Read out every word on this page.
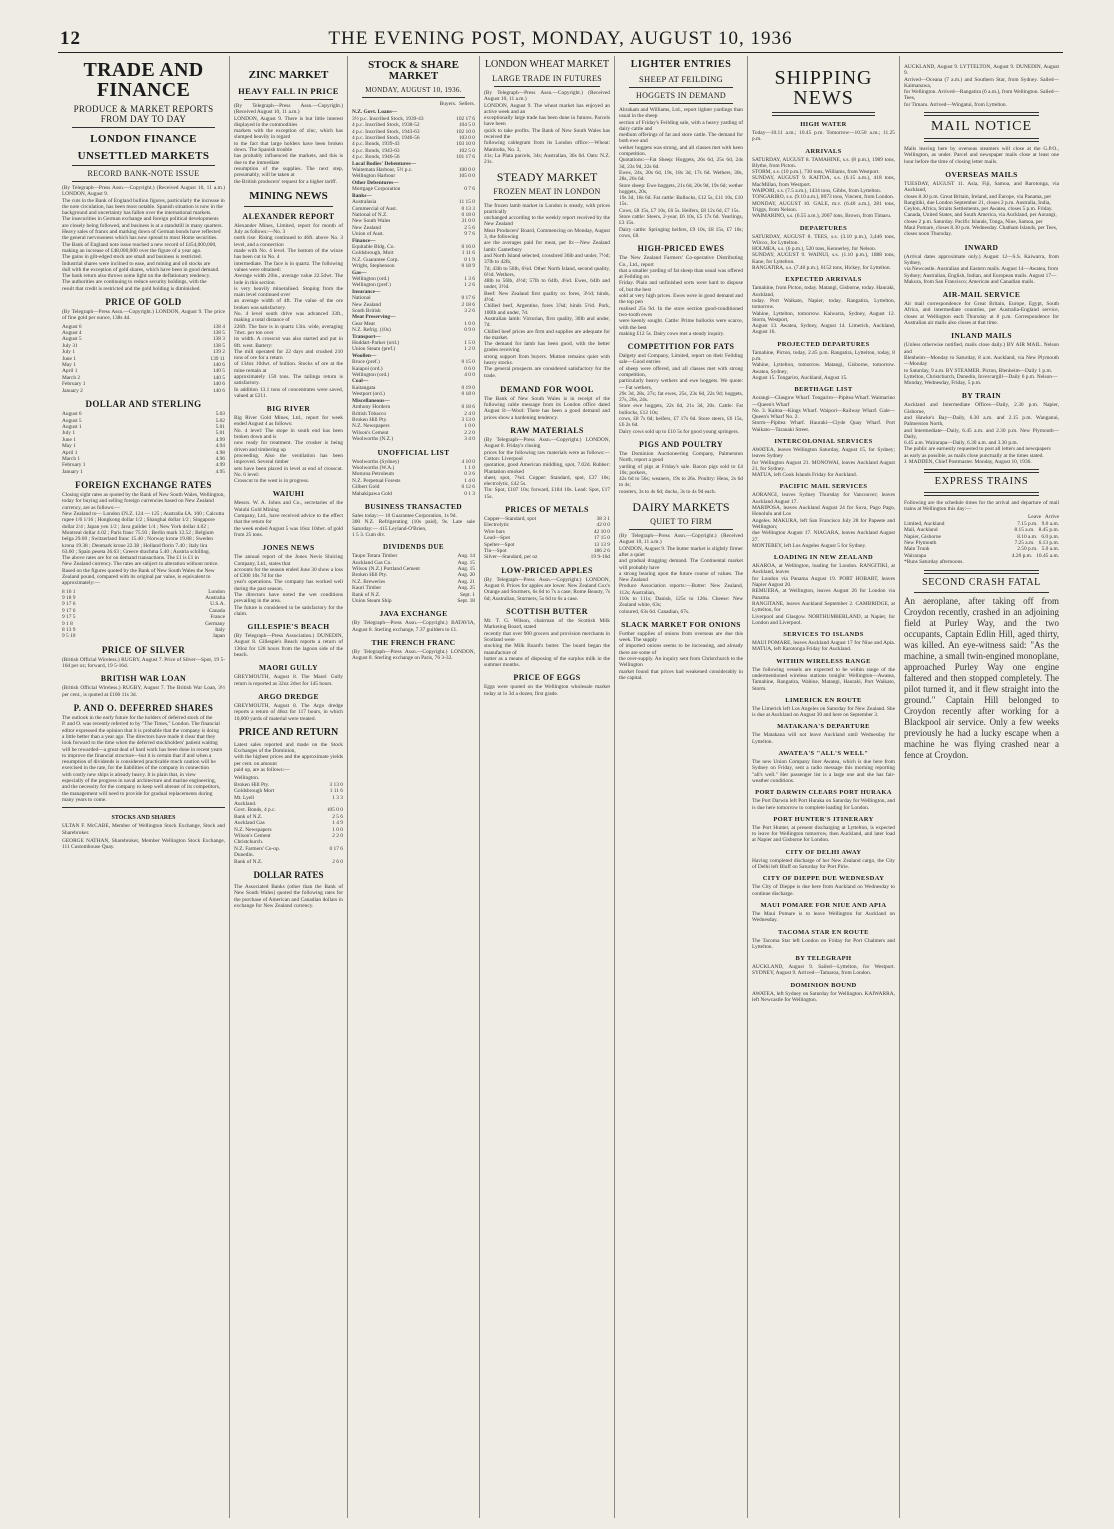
12	THE EVENING POST, MONDAY, AUGUST 10, 1936
TRADE AND FINANCE
PRODUCE & MARKET REPORTS FROM DAY TO DAY
LONDON FINANCE
UNSETTLED MARKETS
RECORD BANK-NOTE ISSUE

(By Telegraph—Press Assn.—Copyright.) (Received August 10, 11 a.m.) LONDON, August 9.

The cuts in the Bank of England bullion figures, particularly the increase in
the note circulation, has been most notable. Spanish situation is now in the
background and uncertainty has fallen over the international markets.
The insecurities in German exchange and foreign political developments
are closely being followed, and business is at a standstill in many quarters.
Heavy sales of francs and marking down of German bonds have reflected
the general nervousness which has now spread to most Home securities.
The Bank of England note issue reached a new record of £454,000,000,
making an increase of £48,000,000 over the figure of a year ago.
The gains in gilt-edged stock are small and business is restricted.
Industrial shares were inclined to ease, and mining and oil stocks are
dull with the exception of gold shares, which have been in good demand.
The bank return also throws some light on the deflationary tendency.
The authorities are continuing to reduce security holdings, with the
result that credit is restricted and the gold holding is diminished.

PRICE OF GOLD

(By Telegraph—Press Assn.—Copyright.) LONDON, August 9. The price of fine gold per ounce, 138s 4d.

August 6	138 4
August 4	138 5
August 5	138 3
July 31	138 5
July 1	139 2
June 1	139 11
May 1	140 6
April 1	140 5
March 2	140 5
February 1	140 6
January 2	140 6
DOLLAR AND STERLING
August 6	5.03
August 5	5.02
August 1	5.01
July 1	5.01
June 1	4.99
May 1	4.94
April 1	4.98
March 1	4.96
February 1	4.99
January 1	4.95
FOREIGN EXCHANGE RATES

Closing sight rates as quoted by the Bank of New South Wales, Wellington,
today for buying and selling foreign currencies based on New Zealand
currency, are as follows:—
New Zealand to— London £N.Z. 124 — 125 ; Australia £A. 100 ; Calcutta
rupee 1/6 1/16 ; Hongkong dollar 1/2 ; Shanghai dollar 1/2 ; Singapore
dollar 2/4 ; Japan yen 1/2 ; Java guilder 1/4 ; New York dollar 4.02 ;
Montreal dollar 4.02 ; Paris franc 75.93 ; Berlin mark 12.52 ; Belgium
belga 29.60 ; Switzerland franc 15.40 ; Norway krone 19.88 ; Sweden
krona 19.38 ; Denmark krone 22.38 ; Holland florin 7.40 ; Italy lira
63.60 ; Spain peseta 36.63 ; Greece drachma 5.40 ; Austria schilling.
The above rates are for on demand transactions. The £1 is £1 in
New Zealand currency. The rates are subject to alteration without notice.
Based on the figures quoted by the Bank of New South Wales the New
Zealand pound, compared with its original par value, is equivalent to
approximately:—

8 16 1	London
9 18 9	Australia
9 17 6	U.S.A.
9 17 6	Canada
9 17 5	France
9 1 8	Germany
8 13 9	Italy
9 5 10	Japan
PRICE OF SILVER

(British Official Wireless.) RUGBY, August 7. Price of Silver—Spot, 19 5-16d per oz; forward, 19 5-16d.

BRITISH WAR LOAN

(British Official Wireless.) RUGBY, August 7. The British War Loan, 3½ per cent., is quoted at £106 11s 3d.

P. AND O. DEFERRED SHARES

The outlook in the early future for the holders of deferred stock of the
P. and O. was recently referred to by "The Times," London. The financial
editor expressed the opinion that it is probable that the company is doing
a little better than a year ago. The directors have made it clear that they
look forward to the time when the deferred stockholders' patient waiting
will be rewarded—a great deal of hard work has been done in recent years
to improve the financial structure—but it is certain that if and when a
resumption of dividends is considered practicable much caution will be
exercised in the rate, for the liabilities of the company in connection
with costly new ships is already heavy. It is plain that, in view
especially of the progress in naval architecture and marine engineering,
and the necessity for the company to keep well abreast of its competitors,
the management will need to provide for gradual replacements during
many years to come.

STOCKS AND SHARES

ULTAN F. McCABE, Member of Wellington Stock Exchange, Stock and Sharebroker.

GEORGE NATHAN, Sharebroker, Member Wellington Stock Exchange, 111 Customhouse Quay.

ZINC MARKET
HEAVY FALL IN PRICE

(By Telegraph—Press Assn.—Copyright.) (Received August 10, 11 a.m.)
LONDON, August 9. There is but little interest displayed in the commodities
markets with the exception of zinc, which has slumped heavily in regard
to the fact that large holders have been broken down. The Spanish trouble
has probably influenced the markets, and this is due to the immediate
resumption of the supplies. The next step, presumably, will be taken at
the British producers' request for a higher tariff.

MINING NEWS
ALEXANDER REPORT

Alexander Mines, Limited, report for month of July as follows:—No. 3
north rise: Rising continued to 46ft. above No. 3 level, and a connection
made with No. 4 level. The bottom of the winze has been cut in No. 4
intermediate. The face is in quartz. The following values were obtained:
Average width 20in., average value 22.5dwt. The lode in this section
is very heavily mineralised. Stoping from the main level continued over
an average width of 4ft. The value of the ore broken was satisfactory.
No. 4 level south drive was advanced 33ft., making a total distance of
226ft. The face is in quartz 13in. wide, averaging 7dwt. per ton over
its width. A crosscut was also started and put in 8ft. west. Battery:
The mill operated for 22 days and crushed 210 tons of ore for a return
of 134oz 10dwt. of bullion. Stocks of ore at the mine remain at
approximately 150 tons. The tailings return is satisfactory.
In addition 13.1 tons of concentrates were saved, valued at £211.

BIG RIVER

Big River Gold Mines, Ltd., report for week ended August 4 as follows:
No. 4 level: The stope in south end has been broken down and is
now ready for treatment. The crusher is being driven and timbering up
proceeding. Also the ventilation has been improved. Several timber
sets have been placed in level at end of crosscut. No. 6 level:
Crosscut to the west is in progress.

WAIUHI

Messrs. W. A. Johns and Co., secretaries of the Waiuhi Gold Mining
Company, Ltd., have received advice to the effect that the return for
the week ended August 5 was 16oz 10dwt. of gold from 25 tons.

JONES NEWS

The annual report of the Jones Nevis Sluicing Company, Ltd., states that
accounts for the season ended June 30 show a loss of £300 10s 7d for the
year's operations. The company has worked well during the past season.
The directors have noted the wet conditions prevailing in the area.
The future is considered to be satisfactory for the claim.

GILLESPIE'S BEACH

(By Telegraph—Press Association.) DUNEDIN, August 8. Gillespie's Beach reports a return of 130oz for 128 hours from the lagoon side of the beach.

MAORI GULLY

GREYMOUTH, August 8. The Maori Gully return is reported as 32oz 2dwt for 145 hours.

ARGO DREDGE

GREYMOUTH, August 8. The Argo dredge reports a return of 48oz for 117 hours, in which 10,000 yards of material were treated.

PRICE AND RETURN

Latest sales reported and made on the Stock Exchanges of the Dominion,
with the highest prices and the approximate yields per cent. on amount
paid up, are as follows:—

Wellington.
Broken Hill Pty.	3 13 0
Goldsbrough Mort	1 11 6
Mt. Lyell	1 3 3
Auckland.
Govt. Bonds, 4 p.c.	105 0 0
Bank of N.Z.	2 5 6
Auckland Gas	1 4 9
N.Z. Newspapers	1 0 0
Wilson's Cement	2 2 0
Christchurch.
N.Z. Farmers' Co-op.	0 17 6
Dunedin.
Bank of N.Z.	2 6 0
DOLLAR RATES

The Associated Banks (other than the Bank of New South Wales) quoted the following rates for the purchase of American and Canadian dollars in exchange for New Zealand currency.

STOCK & SHARE MARKET
MONDAY, AUGUST 10, 1936.
Buyers. Sellers.
N.Z. Govt. Loans—
3½ p.c. Inscribed Stock, 1939-43	102 17 6
4 p.c. Inscribed Stock, 1938-52	104 5 0
4 p.c. Inscribed Stock, 1943-63	102 10 0
4 p.c. Inscribed Stock, 1946-56	103 0 0
4 p.c. Bonds, 1939-43	103 10 0
4 p.c. Bonds, 1943-63	102 5 0
4 p.c. Bonds, 1946-56	101 17 6
Local Bodies' Debentures—
Waitemata Harbour, 5½ p.c.	100 0 0
Wellington Harbour	105 0 0
Other Debentures—
Mortgage Corporation	0 7 6
Banks—
Australasia	11 15 0
Commercial of Aust.	0 13 3
National of N.Z.	0 18 0
New South Wales	31 0 0
New Zealand	2 5 6
Union of Aust.	9 7 6
Finance—
Equitable Bldg. Co.	0 16 0
Goldsbrough, Mort	1 11 6
N.Z. Guarantee Corp.	0 1 9
Wright, Stephenson	0 18 9
Gas—
Wellington (ord.)	1 3 6
Wellington (pref.)	1 2 6
Insurance—
National	0 17 6
New Zealand	2 18 6
South British	3 2 6
Meat Preserving—
Gear Meat	1 0 0
N.Z. Refrig. (10s)	0 9 0
Transport—
Huddart-Parker (ord.)	1 5 0
Union Steam (pref.)	1 2 0
Woollen—
Bruce (pref.)	0 15 0
Kaiapoi (ord.)	0 6 0
Wellington (ord.)	4 0 0
Coal—
Kaitangata	0 19 0
Westport (ord.)	0 18 0
Miscellaneous—
Anthony Hordern	0 18 6
British Tobacco	2 4 0
Broken Hill Pty.	3 13 0
N.Z. Newspapers	1 0 0
Wilson's Cement	2 2 0
Woolworths (N.Z.)	3 4 0
UNOFFICIAL LIST
Woolworths (Sydney)	4 10 0
Woolworths (W.A.)	1 1 0
Moturoa Petroleum	0 3 6
N.Z. Perpetual Forests	1 4 0
Gilbert Gold	0 12 6
Mahakipawa Gold	0 1 3
BUSINESS TRANSACTED

Sales today:— 10 Guarantee Corporation, 1s 9d.
300 N.Z. Refrigerating (10s paid), 9s. Late sale Saturday:— 415 Leyland-O'Brien,
1 5 3. Cum div.

DIVIDENDS DUE
Taupo Totara Timber	Aug. 14
Auckland Gas Co.	Aug. 15
Wilson (N.Z.) Portland Cement	Aug. 15
Broken Hill Pty.	Aug. 20
N.Z. Breweries	Aug. 21
Kauri Timber	Aug. 25
Bank of N.Z.	Sept. 1
Union Steam Ship	Sept. 18
JAVA EXCHANGE

(By Telegraph—Press Assn.—Copyright.) BATAVIA, August 8. Sterling exchange, 7.37 guilders to £1.

THE FRENCH FRANC

(By Telegraph—Press Assn.—Copyright.) LONDON, August 8. Sterling exchange on Paris, 76 3-32.

LONDON WHEAT MARKET
LARGE TRADE IN FUTURES

(By Telegraph—Press Assn.—Copyright.) (Received August 10, 11 a.m.)
LONDON, August 9. The wheat market has enjoyed an active week and an
exceptionally large trade has been done in futures. Parcels have been
quick to take profits. The Bank of New South Wales has received the
following cablegram from its London office:—Wheat: Manitoba, No. 3,
41s; La Plata parcels, 34s; Australian, 36s 6d. Oats: N.Z. 21s.

STEADY MARKET
FROZEN MEAT IN LONDON

The frozen lamb market in London is steady, with prices practically
unchanged according to the weekly report received by the New Zealand
Meat Producers' Board, Commencing on Monday, August 3, the following
are the averages paid for meat, per lb:—New Zealand lamb: Canterbury
and North Island selected, crossbred 36lb and under, 7½d; 37lb to 42lb,
7d; 43lb to 50lb, 6¼d. Other North Island, second quality, 6½d. Wethers,
48lb to 56lb, 4½d; 57lb to 64lb, 4¼d. Ewes, 64lb and under, 3½d.
Beef: New Zealand first quality ox fores, 3½d; hinds, 4½d.
Chilled beef, Argentine, fores 3⅞d; hinds 5½d. Pork, 100lb and under, 7d.
Australian lamb: Victorian, first quality, 30lb and under, 7d.
Chilled beef prices are firm and supplies are adequate for the market.
The demand for lamb has been good, with the better grades receiving
strong support from buyers. Mutton remains quiet with heavy stocks.
The general prospects are considered satisfactory for the trade.

DEMAND FOR WOOL

The Bank of New South Wales is in receipt of the following cable message from its London office dated August 8:—Wool: There has been a good demand and prices show a hardening tendency.

RAW MATERIALS

(By Telegraph—Press Assn.—Copyright.) LONDON, August 8. Friday's closing
prices for the following raw materials were as follows:— Cotton: Liverpool
quotation, good American middling, spot, 7.02d. Rubber: Plantation smoked
sheet, spot, 7¾d. Copper: Standard, spot, £37 10s; electrolytic, £42 5s.
Tin: Spot, £187 10s; forward, £184 10s. Lead: Spot, £17 15s.

PRICES OF METALS
Copper—Standard, spot	38 3 1
Electrolytic	42 0 0
Wire bars	42 10 0
Lead—Spot	17 15 0
Spelter—Spot	13 13 9
Tin—Spot	186 2 6
Silver—Standard, per oz	19 9-16d
LOW-PRICED APPLES

(By Telegraph—Press Assn.—Copyright.) LONDON, August 8. Prices for apples are lower. New Zealand Cox's Orange and Sturmers, 6s 6d to 7s a case; Rome Beauty, 7s 6d; Australian, Sturmers, 5s 6d to 6s a case.

SCOTTISH BUTTER

Mr. T. G. Wilson, chairman of the Scottish Milk Marketing Board, stated
recently that over 900 grocers and provision merchants in Scotland were
stocking the Milk Board's butter. The board began the manufacture of
butter as a means of disposing of the surplus milk in the summer months.

PRICE OF EGGS

Eggs were quoted on the Wellington wholesale market today at 1s 3d a dozen, first grade.

LIGHTER ENTRIES
SHEEP AT FEILDING
HOGGETS IN DEMAND

Abraham and Williams, Ltd., report lighter yardings than usual in the sheep
section of Friday's Feilding sale, with a heavy yarding of dairy cattle and
medium offerings of fat and store cattle. The demand for both ewe and
wether hoggets was strong, and all classes met with keen competition.
Quotations:—Fat Sheep: Hoggets, 26s 6d, 25s 6d, 24s 3d, 23s 9d, 22s 6d.
Ewes, 24s, 20s 6d, 19s, 18s 3d, 17s 6d. Wethers, 30s, 28s, 26s 6d.
Store sheep: Ewe hoggets, 21s 6d, 20s 9d, 19s 6d; wether hoggets, 20s,
19s 3d, 18s 6d. Fat cattle: Bullocks, £12 5s, £11 10s, £10 15s.
Cows, £8 15s, £7 10s, £6 5s. Heifers, £8 12s 6d, £7 15s.
Store cattle: Steers, 2-year, £6 10s, £5 17s 6d. Yearlings, £3 15s.
Dairy cattle: Springing heifers, £9 10s, £8 15s, £7 10s; cows, £8.

HIGH-PRICED EWES

The New Zealand Farmers' Co-operative Distributing Co., Ltd., report
that a smaller yarding of fat sheep than usual was offered at Feilding on
Friday. Plain and unfinished sorts were hard to dispose of, but the best
sold at very high prices. Ewes were in good demand and the top pen
realised 25s 9d. In the store section good-conditioned two-tooth ewes
were keenly sought. Cattle: Prime bullocks were scarce, with the best
making £12 5s. Dairy cows met a steady inquiry.

COMPETITION FOR FATS

Dalgety and Company, Limited, report on their Feilding sale—Good entries
of sheep were offered, and all classes met with strong competition,
particularly heavy wethers and ewe hoggets. We quote:— Fat wethers,
29s 3d, 28s, 27s; fat ewes, 25s, 23s 6d, 22s 9d; hoggets, 27s, 26s, 24s.
Store ewe hoggets, 22s 6d, 21s 3d, 20s. Cattle: Fat bullocks, £12 10s;
cows, £8 7s 6d; heifers, £7 17s 6d. Store steers, £6 15s, £6 2s 6d.
Dairy cows sold up to £10 5s for good young springers.

PIGS AND POULTRY

The Dominion Auctioneering Company, Palmerston North, report a good
yarding of pigs at Friday's sale. Bacon pigs sold to £4 10s; porkers,
42s 6d to 56s; weaners, 19s to 26s. Poultry: Hens, 2s 6d to 4s;
roosters, 3s to 4s 6d; ducks, 3s to 4s 9d each.

DAIRY MARKETS
QUIET TO FIRM

(By Telegraph—Press Assn.—Copyright.) (Received August 10, 11 a.m.)
LONDON, August 9. The butter market is slightly firmer after a quiet
and gradual dragging demand. The Continental market will probably have
a strong bearing upon the future course of values. The New Zealand
Produce Association reports:—Butter: New Zealand, 112s; Australian,
110s to 111s; Danish, 125s to 126s. Cheese: New Zealand white, 63s;
coloured, 63s 6d. Canadian, 67s.

SLACK MARKET FOR ONIONS

Further supplies of onions from overseas are due this week. The supply
of imported onions seems to be increasing, and already there are some of
the over-supply. An inquiry sent from Christchurch to the Wellington
market found that prices had weakened considerably in the capital.

SHIPPING NEWS
HIGH WATER

Today—10.11 a.m.; 10.45 p.m. Tomorrow—10.50 a.m.; 11.25 p.m.

ARRIVALS

SATURDAY, AUGUST 8. TAMAHINE, s.s. (8 p.m.), 1989 tons, Blythe, from Picton.
STORM, s.s. (10 p.m.), 730 tons, Williams, from Westport.
SUNDAY, AUGUST 9. KAITOA, s.s. (6.15 a.m.), 418 tons, MacMillan, from Westport.
WAIPORI, s.s. (7.5 a.m.), 1434 tons, Gibbs, from Lyttelton.
TONGARIRO, s.s. (9.10 a.m.), 8073 tons, Vincent, from London.
MONDAY, AUGUST 10. GALE, m.v. (6.40 a.m.), 281 tons, Triggs, from Nelson.
WAIMARINO, s.s. (6.55 a.m.), 2067 tons, Brown, from Timaru.

DEPARTURES

SATURDAY, AUGUST 8. TEES, s.s. (3.10 p.m.), 3,446 tons, Wilcox, for Lyttelton.
HOLMEA, s.s. (6 p.m.), 520 tons, Kennerley, for Nelson.
SUNDAY, AUGUST 9. WAINUI, s.s. (1.10 p.m.), 1888 tons, Kane, for Lyttelton.
RANGATIRA, s.s. (7.40 p.m.), 6152 tons, Hickey, for Lyttelton.

EXPECTED ARRIVALS

Tamahine, from Picton, today. Matangi, Gisborne, today. Hauraki, Auckland,
today. Port Waikato, Napier, today. Rangatira, Lyttelton, tomorrow.
Wahine, Lyttelton, tomorrow. Kaiwarra, Sydney, August 12. Storm, Westport,
August 13. Awatea, Sydney, August 14. Limerick, Auckland, August 16.

PROJECTED DEPARTURES

Tamahine, Picton, today, 2.45 p.m. Rangatira, Lyttelton, today, 8 p.m.
Wahine, Lyttelton, tomorrow. Matangi, Gisborne, tomorrow. Awatea, Sydney,
August 15. Tongariro, Auckland, August 15.

BERTHAGE LIST

Aorangi—Glasgow Wharf. Tongariro—Pipitea Wharf. Waimarino—Queen's Wharf
No. 3. Kaitoa—Kings Wharf. Waipori—Railway Wharf. Gale—Queen's Wharf No. 2.
Storm—Pipitea Wharf. Hauraki—Clyde Quay Wharf. Port Waikato—Taranaki Street.

INTERCOLONIAL SERVICES

AWATEA, leaves Wellington Saturday, August 15, for Sydney; leaves Sydney
for Wellington August 21. MONOWAI, leaves Auckland August 21, for Sydney.
MATUA, left Cook Islands Friday for Auckland.

PACIFIC MAIL SERVICES

AORANGI, leaves Sydney Thursday for Vancouver; leaves Auckland August 17.
MARIPOSA, leaves Auckland August 24 for Suva, Pago Pago, Honolulu and Los
Angeles. MAKURA, left San Francisco July 28 for Papeete and Wellington;
due Wellington August 17. NIAGARA, leaves Auckland August 27.
MONTEREY, left Los Angeles August 5 for Sydney.

LOADING IN NEW ZEALAND

AKAROA, at Wellington, loading for London. RANGITIKI, at Auckland, leaves
for London via Panama August 19. PORT HOBART, leaves Napier August 20.
REMUERA, at Wellington, leaves August 26 for London via Panama.
RANGITANE, leaves Auckland September 2. CAMBRIDGE, at Lyttelton, for
Liverpool and Glasgow. NORTHUMBERLAND, at Napier, for London and Liverpool.

SERVICES TO ISLANDS

MAUI POMARE, leaves Auckland August 17 for Niue and Apia. MATUA, left Rarotonga Friday for Auckland.

WITHIN WIRELESS RANGE

The following vessels are expected to be within range of the undermentioned wireless stations tonight: Wellington—Awatea, Tamahine, Rangatira, Wahine, Matangi, Hauraki, Port Waikato, Storm.

LIMERICK EN ROUTE

The Limerick left Los Angeles on Saturday for New Zealand. She is due at Auckland on August 30 and here on September 3.

MATAKANA'S DEPARTURE

The Matakana will not leave Auckland until Wednesday for Lyttelton.

AWATEA'S "ALL'S WELL"

The new Union Company liner Awatea, which is due here from Sydney on Friday, sent a radio message this morning reporting "all's well." Her passenger list is a large one and she has fair-weather conditions.

PORT DARWIN CLEARS PORT HURAKA

The Port Darwin left Port Huraka on Saturday for Wellington, and is due here tomorrow to complete loading for London.

PORT HUNTER'S ITINERARY

The Port Hunter, at present discharging at Lyttelton, is expected to leave for Wellington tomorrow, then Auckland, and later load at Napier and Gisborne for London.

CITY OF DELHI AWAY

Having completed discharge of her New Zealand cargo, the City of Delhi left Bluff on Saturday for Port Pirie.

CITY OF DIEPPE DUE WEDNESDAY

The City of Dieppe is due here from Auckland on Wednesday to continue discharge.

MAUI POMARE FOR NIUE AND APIA

The Maui Pomare is to leave Wellington for Auckland on Wednesday.

TACOMA STAR EN ROUTE

The Tacoma Star left London on Friday for Port Chalmers and Lyttelton.

BY TELEGRAPH

AUCKLAND, August 9. Sailed—Lyttelton, for Westport. SYDNEY, August 9. Arrived—Tamaroa, from London.

DOMINION BOUND

AWATEA, left Sydney on Saturday for Wellington. KAIWARRA, left Newcastle for Wellington.

AUCKLAND, August 9. LYTTELTON, August 9. DUNEDIN, August 9.

Arrived—Oceana (7 a.m.) and Southern Star, from Sydney. Sailed—Kaimanawa,
for Wellington. Arrived—Rangatira (6 a.m.), from Wellington. Sailed—Tees,
for Timaru. Arrived—Wingatui, from Lyttelton.

MAIL NOTICE

Mails leaving here by overseas steamers will close at the G.P.O., Wellington, as under. Parcel and newspaper mails close at least one hour before the time of closing letter mails.

OVERSEAS MAILS

TUESDAY, AUGUST 11. Asia, Fiji, Samoa, and Rarotonga, via Auckland,
closes 8.30 p.m. Great Britain, Ireland, and Europe, via Panama, per
Rangitiki, due London September 21, closes 2 p.m. Australia, India,
Ceylon, Africa, Straits Settlements, per Awatea, closes 5 p.m. Friday.
Canada, United States, and South America, via Auckland, per Aorangi,
closes 2 p.m. Saturday. Pacific Islands, Tonga, Niue, Samoa, per
Maui Pomare, closes 8.30 p.m. Wednesday. Chatham Islands, per Tees,
closes noon Thursday.

INWARD

(Arrival dates approximate only.) August 12—S.S. Kaiwarra, from Sydney,
via Newcastle. Australian and Eastern mails. August 14—Awatea, from
Sydney; Australian, English, Indian, and European mails. August 17—
Makura, from San Francisco; American and Canadian mails.

AIR-MAIL SERVICE

Air mail correspondence for Great Britain, Europe, Egypt, South Africa, and intermediate countries, per Australia-England service, closes at Wellington each Thursday at 8 p.m. Correspondence for Australian air mails also closes at that time.

INLAND MAILS

(Unless otherwise notified, mails close daily.) BY AIR MAIL. Nelson and
Blenheim—Monday to Saturday, 8 a.m. Auckland, via New Plymouth—Monday
to Saturday, 9 a.m. BY STEAMER. Picton, Blenheim—Daily 1 p.m.
Lyttelton, Christchurch, Dunedin, Invercargill—Daily 6 p.m. Nelson—
Monday, Wednesday, Friday, 5 p.m.

BY TRAIN

Auckland and Intermediate Offices—Daily, 2.30 p.m. Napier, Gisborne,
and Hawke's Bay—Daily, 6.30 a.m. and 2.15 p.m. Wanganui, Palmerston North,
and Intermediate—Daily, 6.45 a.m. and 2.30 p.m. New Plymouth—Daily,
6.45 a.m. Wairarapa—Daily, 6.30 a.m. and 3.30 p.m.
The public are earnestly requested to post all letters and newspapers
as early as possible, as mails close punctually at the times stated.
J. MADDEN, Chief Postmaster. Monday, August 10, 1936.

EXPRESS TRAINS

Following are the schedule times for the arrival and departure of mail trains at Wellington this day:—

Leave   Arrive
Limited, Auckland	7.15 p.m.   9.0 a.m.
Mail, Auckland	8.15 a.m.   8.45 p.m.
Napier, Gisborne	8.10 a.m.   6.0 p.m.
New Plymouth	7.25 a.m.   6.13 p.m.
Main Trunk	2.50 p.m.   5.0 a.m.
Wairarapa	4.20 p.m.   10.45 a.m.
*Runs Saturday afternoons.
SECOND CRASH FATAL

An aeroplane, after taking off from Croydon recently, crashed in an adjoining field at Purley Way, and the two occupants, Captain Edlin Hill, aged thirty, was killed. An eye-witness said: "As the machine, a small twin-engined monoplane, approached Purley Way one engine faltered and then stopped completely. The pilot turned it, and it flew straight into the ground." Captain Hill belonged to Croydon recently after working for a Blackpool air service. Only a few weeks previously he had a lucky escape when a machine he was flying crashed near a fence at Croydon.
